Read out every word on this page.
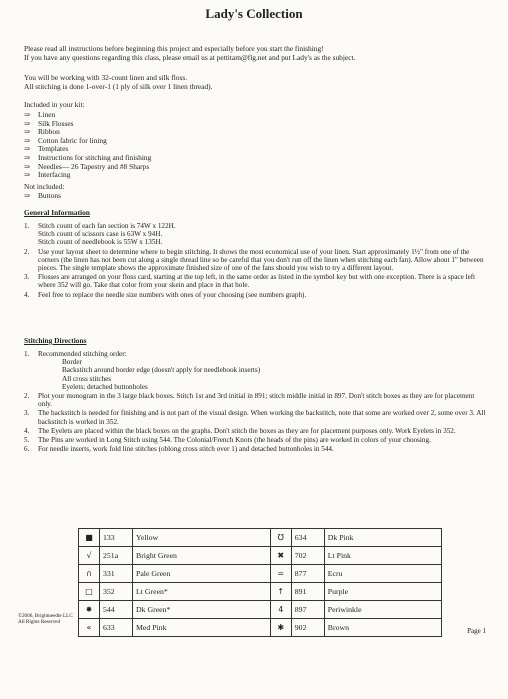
Lady's Collection
Please read all instructions before beginning this project and especially before you start the finishing!
If you have any questions regarding this class, please email us at pettitam@flg.net and put Lady's as the subject.
You will be working with 32-count linen and silk floss.
All stitching is done 1-over-1 (1 ply of silk over 1 linen thread).
Included in your kit:
⇒ Linen
⇒ Silk Flosses
⇒ Ribbon
⇒ Cotton fabric for lining
⇒ Templates
⇒ Instructions for stitching and finishing
⇒ Needles— 26 Tapestry and #8 Sharps
⇒ Interfacing
Not included:
⇒ Buttons
General Information
1.	Stitch count of each fan section is 74W x 122H.
Stitch count of scissors case is 63W x 94H.
Stitch count of needlebook is 55W x 135H.
2.	Use your layout sheet to determine where to begin stitching. It shows the most economical use of your linen. Start approximately 1½" from one of the corners (the linen has not been cut along a single thread line so be careful that you don't run off the linen when stitching each fan). Allow about 1" between pieces. The single template shows the approximate finished size of one of the fans should you wish to try a different layout.
3.	Flosses are arranged on your floss card, starting at the top left, in the same order as listed in the symbol key but with one exception. There is a space left where 352 will go. Take that color from your skein and place in that hole.
4.	Feel free to replace the needle size numbers with ones of your choosing (see numbers graph).
Stitching Directions
1.	Recommended stitching order:
Border
Backstitch around border edge (doesn't apply for needlebook inserts)
All cross stitches
Eyelets; detached buttonholes
2.	Plot your monogram in the 3 large black boxes. Stitch 1st and 3rd initial in 891; stitch middle initial in 897. Don't stitch boxes as they are for placement only.
3.	The backstitch is needed for finishing and is not part of the visual design. When working the backstitch, note that some are worked over 2, some over 3. All backstitch is worked in 352.
4.	The Eyelets are placed within the black boxes on the graphs. Don't stitch the boxes as they are for placement purposes only. Work Eyelets in 352.
5.	The Pins are worked in Long Stitch using 544. The Colonial/French Knots (the heads of the pins) are worked in colors of your choosing.
6.	For needle inserts, work fold line stitches (oblong cross stitch over 1) and detached buttonholes in 544.
■	133	Yellow	℧	634	Dk Pink
√	251a	Bright Green	✖	702	Lt Pink
∩	331	Pale Green	=	877	Ecru
□	352	Lt Green*	↑	891	Purple
✸	544	Dk Green*	4	897	Periwinkle
«	633	Med Pink	✱	902	Brown
©2006, Brightneedle LLC
All Rights Reserved
Page 1
